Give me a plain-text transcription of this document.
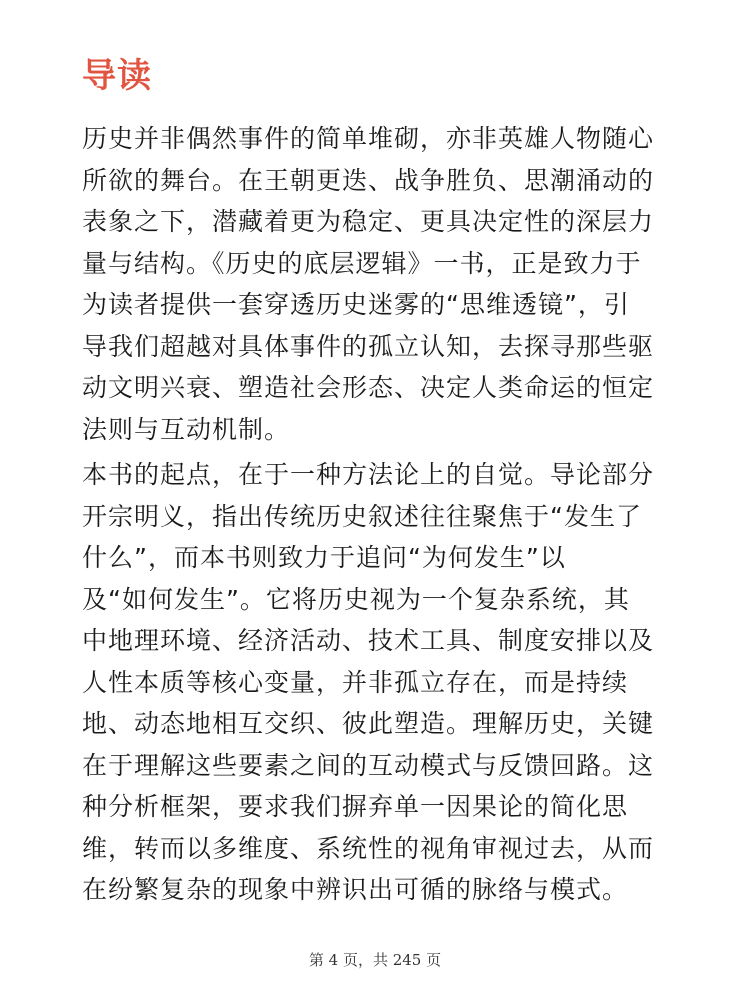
导读

历史并非偶然事件的简单堆砌，亦非英雄人物随心
所欲的舞台。在王朝更迭、战争胜负、思潮涌动的
表象之下，潜藏着更为稳定、更具决定性的深层力
量与结构。《历史的底层逻辑》一书，正是致力于
为读者提供一套穿透历史迷雾的“思维透镜”，引
导我们超越对具体事件的孤立认知，去探寻那些驱
动文明兴衰、塑造社会形态、决定人类命运的恒定
法则与互动机制。

本书的起点，在于一种方法论上的自觉。导论部分
开宗明义，指出传统历史叙述往往聚焦于“发生了
什么”，而本书则致力于追问“为何发生”以
及“如何发生”。它将历史视为一个复杂系统，其
中地理环境、经济活动、技术工具、制度安排以及
人性本质等核心变量，并非孤立存在，而是持续
地、动态地相互交织、彼此塑造。理解历史，关键
在于理解这些要素之间的互动模式与反馈回路。这
种分析框架，要求我们摒弃单一因果论的简化思
维，转而以多维度、系统性的视角审视过去，从而
在纷繁复杂的现象中辨识出可循的脉络与模式。

第 4 页，共 245 页
